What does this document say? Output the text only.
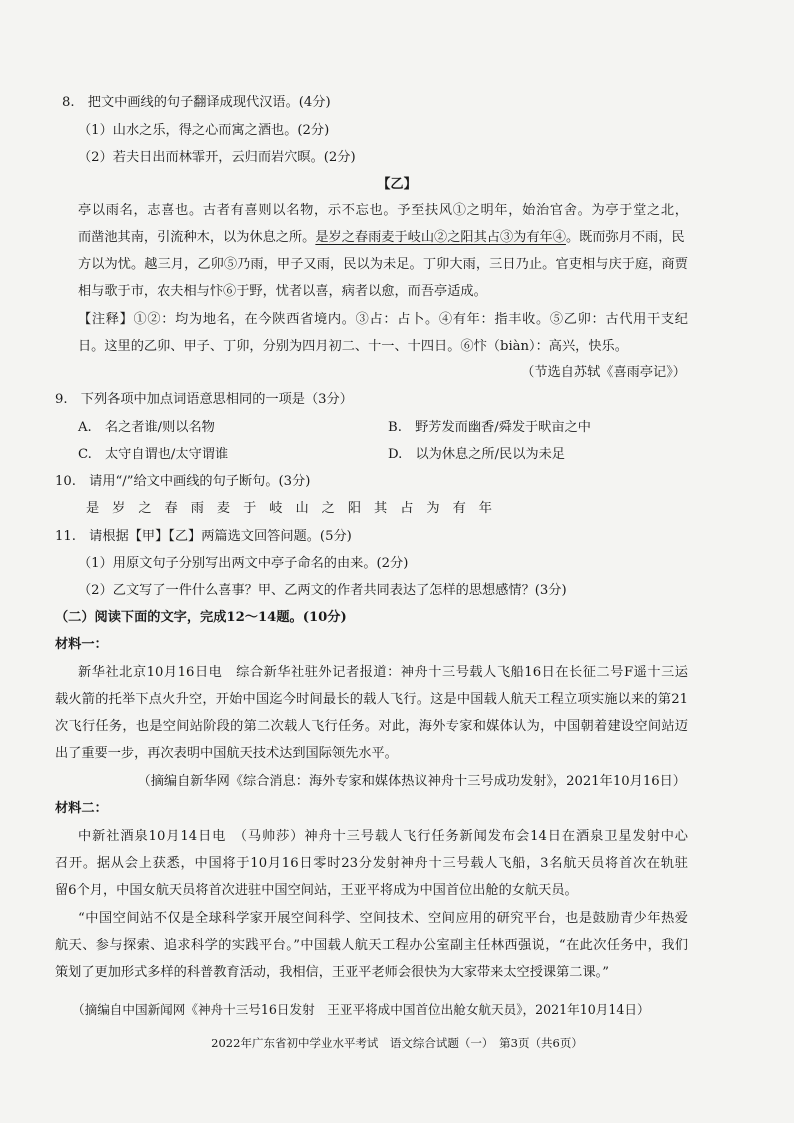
8.　把文中画线的句子翻译成现代汉语。(4分)
（1）山水之乐，得之心而寓之酒也。(2分)
（2）若夫日出而林霏开，云归而岩穴暝。(2分)
【乙】
亭以雨名，志喜也。古者有喜则以名物，示不忘也。予至扶风①之明年，始治官舍。为亭于堂之北，
而凿池其南，引流种木，以为休息之所。是岁之春雨麦于岐山②之阳其占③为有年④。既而弥月不雨，民
方以为忧。越三月，乙卯⑤乃雨，甲子又雨，民以为未足。丁卯大雨，三日乃止。官吏相与庆于庭，商贾
相与歌于市，农夫相与忭⑥于野，忧者以喜，病者以愈，而吾亭适成。
【注释】①②：均为地名，在今陕西省境内。③占：占卜。④有年：指丰收。⑤乙卯：古代用干支纪
日。这里的乙卯、甲子、丁卯，分别为四月初二、十一、十四日。⑥忭（biàn）：高兴，快乐。
（节选自苏轼《喜雨亭记》）
9.　下列各项中加点词语意思相同的一项是（3分）
A.　名之者谁/则以名物	B.　野芳发而幽香/舜发于畎亩之中
C.　太守自谓也/太守谓谁	D.　以为休息之所/民以为未足
10.　请用“/”给文中画线的句子断句。(3分)
是岁之春雨麦于岐山之阳其占为有年
11.　请根据【甲】【乙】两篇选文回答问题。(5分)
（1）用原文句子分别写出两文中亭子命名的由来。(2分)
（2）乙文写了一件什么喜事？甲、乙两文的作者共同表达了怎样的思想感情？(3分)
（二）阅读下面的文字，完成12～14题。(10分)
材料一：
新华社北京10月16日电　综合新华社驻外记者报道：神舟十三号载人飞船16日在长征二号F遥十三运
载火箭的托举下点火升空，开始中国迄今时间最长的载人飞行。这是中国载人航天工程立项实施以来的第21
次飞行任务，也是空间站阶段的第二次载人飞行任务。对此，海外专家和媒体认为，中国朝着建设空间站迈
出了重要一步，再次表明中国航天技术达到国际领先水平。
（摘编自新华网《综合消息：海外专家和媒体热议神舟十三号成功发射》，2021年10月16日）
材料二：
中新社酒泉10月14日电　（马帅莎）神舟十三号载人飞行任务新闻发布会14日在酒泉卫星发射中心
召开。据从会上获悉，中国将于10月16日零时23分发射神舟十三号载人飞船，3名航天员将首次在轨驻
留6个月，中国女航天员将首次进驻中国空间站，王亚平将成为中国首位出舱的女航天员。
“中国空间站不仅是全球科学家开展空间科学、空间技术、空间应用的研究平台，也是鼓励青少年热爱
航天、参与探索、追求科学的实践平台。”中国载人航天工程办公室副主任林西强说，“在此次任务中，我们
策划了更加形式多样的科普教育活动，我相信，王亚平老师会很快为大家带来太空授课第二课。”
（摘编自中国新闻网《神舟十三号16日发射　王亚平将成中国首位出舱女航天员》，2021年10月14日）
2022年广东省初中学业水平考试　语文综合试题（一）　第3页（共6页）
